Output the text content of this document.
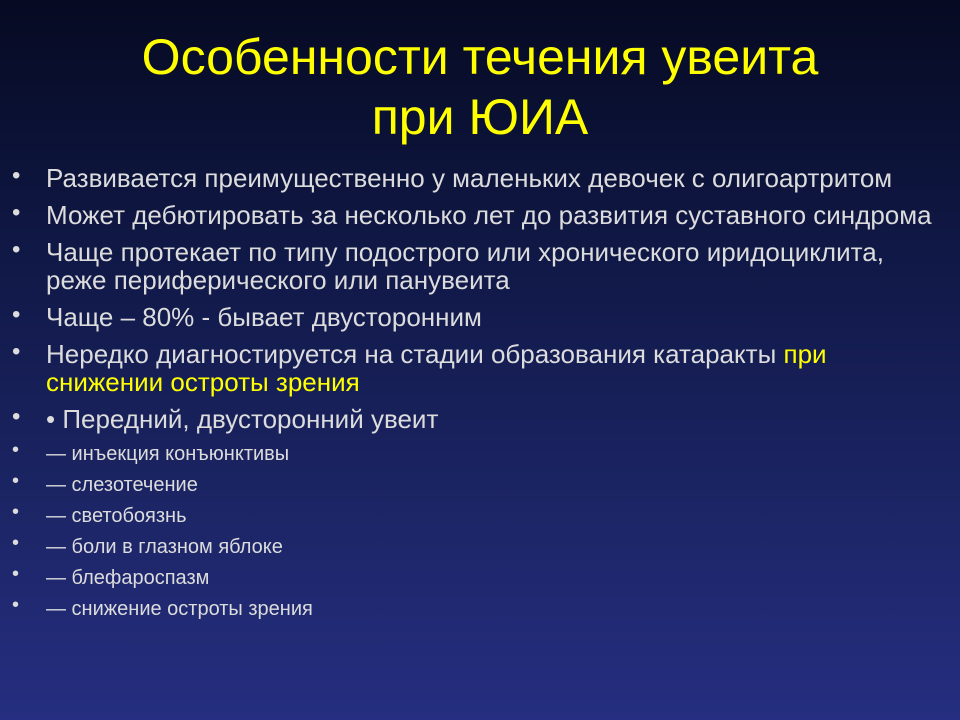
Особенности течения увеита
при ЮИА
• Развивается преимущественно у маленьких девочек с олигоартритом
• Может дебютировать за несколько лет до развития суставного синдрома
• Чаще протекает по типу подострого или хронического иридоциклита, реже периферического или панувеита
• Чаще – 80% - бывает двусторонним
• Нередко диагностируется на стадии образования катаракты при снижении остроты зрения
• • Передний, двусторонний увеит
• — инъекция конъюнктивы
• — слезотечение
• — светобоязнь
• — боли в глазном яблоке
• — блефароспазм
• — снижение остроты зрения
